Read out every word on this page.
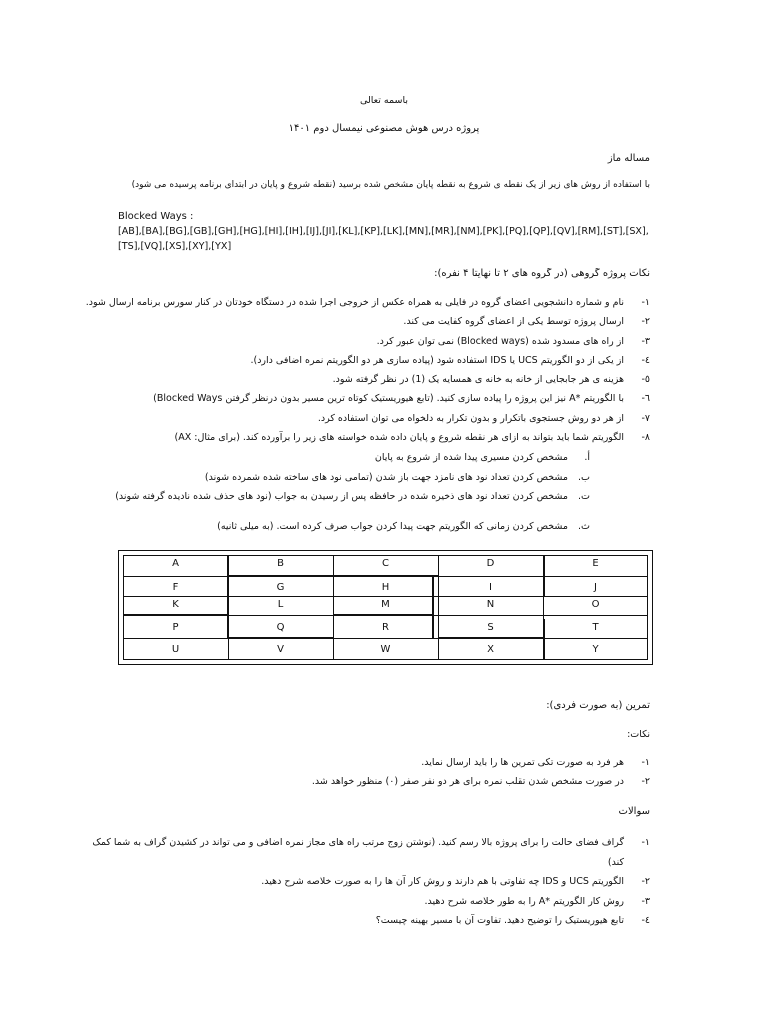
باسمه تعالی
پروژه درس هوش مصنوعی نیمسال دوم ۱۴۰۱
مساله ماز
با استفاده از روش های زیر از یک نقطه ی شروع به نقطه پایان مشخص شده برسید (نقطه شروع و پایان در ابتدای برنامه پرسیده می شود)
Blocked Ways :
[AB],[BA],[BG],[GB],[GH],[HG],[HI],[IH],[IJ],[JI],[KL],[KP],[LK],[MN],[MR],[NM],[PK],[PQ],[QP],[QV],[RM],[ST],[SX],
[TS],[VQ],[XS],[XY],[YX]
نکات پروژه گروهی (در گروه های ۲ تا نهایتا ۴ نفره):
۱-نام و شماره دانشجویی اعضای گروه در فایلی به همراه عکس از خروجی اجرا شده در دستگاه خودتان در کنار سورس برنامه ارسال شود.
۲-ارسال پروژه توسط یکی از اعضای گروه کفایت می کند.
۳-از راه های مسدود شده (Blocked ways) نمی توان عبور کرد.
٤-از یکی از دو الگوریتم UCS یا IDS استفاده شود (پیاده سازی هر دو الگوریتم نمره اضافی دارد).
٥-هزینه ی هر جابجایی از خانه به خانه ی همسایه یک (1) در نظر گرفته شود.
٦-با الگوریتم *A نیز این پروژه را پیاده سازی کنید. (تابع هیوریستیک کوتاه ترین مسیر بدون درنظر گرفتن Blocked Ways)
٧-از هر دو روش جستجوی باتکرار و بدون تکرار به دلخواه می توان استفاده کرد.
٨-الگوریتم شما باید بتواند به ازای هر نقطه شروع و پایان داده شده خواسته های زیر را برآورده کند. (برای مثال: AX)
أ.مشخص کردن مسیری پیدا شده از شروع به پایان
ب.مشخص کردن تعداد نود های نامزد جهت باز شدن (تمامی نود های ساخته شده شمرده شوند)
ت.مشخص کردن تعداد نود های ذخیره شده در حافظه پس از رسیدن به جواب (نود های حذف شده نادیده گرفته شوند)
ث.مشخص کردن زمانی که الگوریتم جهت پیدا کردن جواب صرف کرده است. (به میلی ثانیه)
A	B	C	D	E
F	G	H	I	J
K	L	M	N	O
P	Q	R	S	T
U	V	W	X	Y
تمرین (به صورت فردی):
نکات:
۱-هر فرد به صورت تکی تمرین ها را باید ارسال نماید.
۲-در صورت مشخص شدن تقلب نمره برای هر دو نفر صفر (۰) منظور خواهد شد.
سوالات
۱-گراف فضای حالت را برای پروژه بالا رسم کنید. (نوشتن زوج مرتب راه های مجاز نمره اضافی و می تواند در کشیدن گراف به شما کمک
کند)
۲-الگوریتم UCS و IDS چه تفاوتی با هم دارند و روش کار آن ها را به صورت خلاصه شرح دهید.
۳-روش کار الگوریتم *A را به طور خلاصه شرح دهید.
٤-تابع هیوریستیک را توضیح دهید. تفاوت آن با مسیر بهینه چیست؟
